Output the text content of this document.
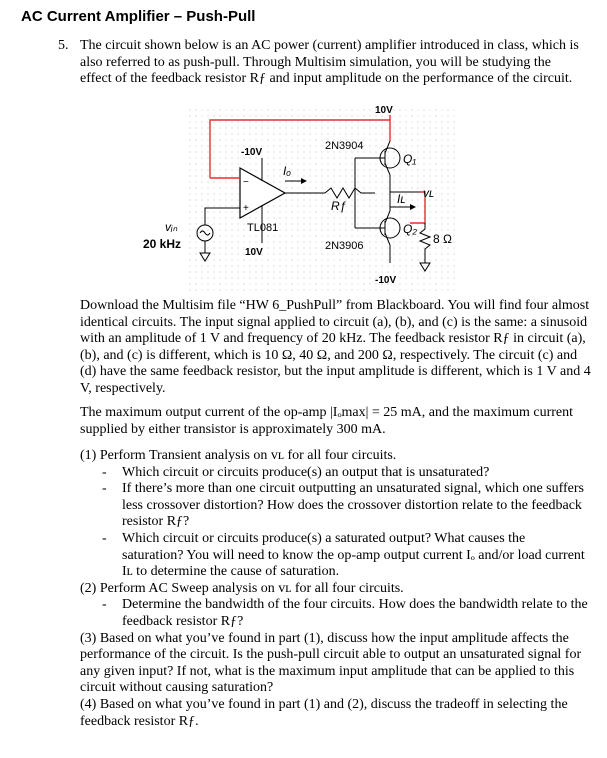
AC Current Amplifier – Push-Pull
5. The circuit shown below is an AC power (current) amplifier introduced in class, which is also referred to as push-pull. Through Multisim simulation, you will be studying the effect of the feedback resistor Rƒ and input amplitude on the performance of the circuit.
−
+
Iₒ
Rƒ
2N3904
Q₁
2N3906
Q₂
Iʟ vʟ
8 Ω
vᵢₙ
20 kHz
10V
-10V
TL081
10V
-10V
Download the Multisim file “HW 6_PushPull” from Blackboard. You will find four almost identical circuits. The input signal applied to circuit (a), (b), and (c) is the same: a sinusoid with an amplitude of 1 V and frequency of 20 kHz. The feedback resistor Rƒ in circuit (a), (b), and (c) is different, which is 10 Ω, 40 Ω, and 200 Ω, respectively. The circuit (c) and (d) have the same feedback resistor, but the input amplitude is different, which is 1 V and 4 V, respectively.
The maximum output current of the op-amp |Iₒmax| = 25 mA, and the maximum current supplied by either transistor is approximately 300 mA.
(1) Perform Transient analysis on vʟ for all four circuits.
- Which circuit or circuits produce(s) an output that is unsaturated?
- If there’s more than one circuit outputting an unsaturated signal, which one suffers less crossover distortion? How does the crossover distortion relate to the feedback resistor Rƒ?
- Which circuit or circuits produce(s) a saturated output? What causes the saturation? You will need to know the op-amp output current Iₒ and/or load current Iʟ to determine the cause of saturation.
(2) Perform AC Sweep analysis on vʟ for all four circuits.
- Determine the bandwidth of the four circuits. How does the bandwidth relate to the feedback resistor Rƒ?
(3) Based on what you’ve found in part (1), discuss how the input amplitude affects the performance of the circuit. Is the push-pull circuit able to output an unsaturated signal for any given input? If not, what is the maximum input amplitude that can be applied to this circuit without causing saturation?
(4) Based on what you’ve found in part (1) and (2), discuss the tradeoff in selecting the feedback resistor Rƒ.
